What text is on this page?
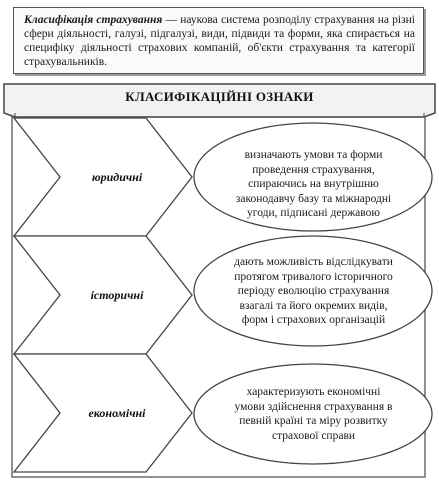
Класифікація страхування — наукова система розподілу страхування на різні сфери діяльності, галузі, підгалузі, види, підвиди та форми, яка спирається на специфіку діяльності страхових компаній, об'єкти страхування та категорії страхувальників.
КЛАСИФІКАЦІЙНІ ОЗНАКИ
юридичні
історичні
економічні
визначають умови та форми проведення страхування, спираючись на внутрішню законодавчу базу та міжнародні угоди, підписані державою
дають можливість відслідкувати протягом тривалого історичного періоду еволюцію страхування взагалі та його окремих видів, форм і страхових організацій
характеризують економічні умови здійснення страхування в певній країні та міру розвитку страхової справи
